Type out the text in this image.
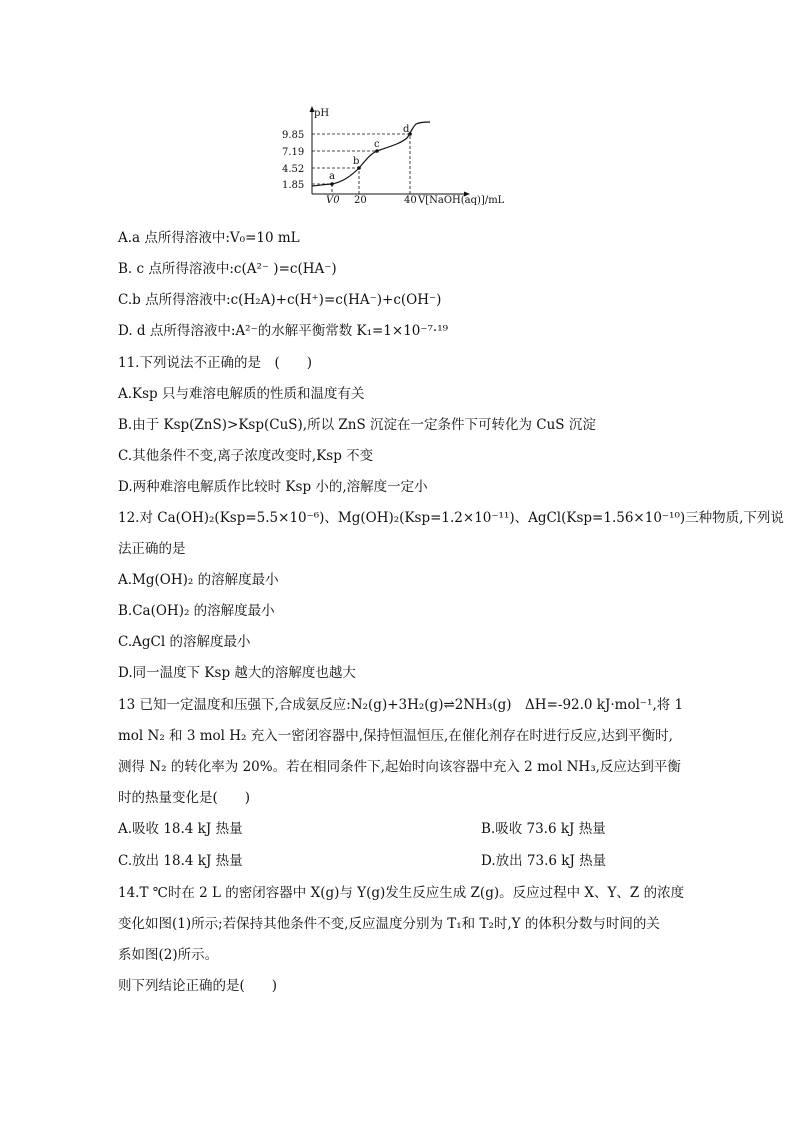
pH
V[NaOH(aq)]/mL
9.85
7.19
4.52
1.85
V0 20	40
a
b
c
d
A.a 点所得溶液中:V₀=10 mL
B. c 点所得溶液中:c(A²⁻ )=c(HA⁻)
C.b 点所得溶液中:c(H₂A)+c(H⁺)=c(HA⁻)+c(OH⁻)
D. d 点所得溶液中:A²⁻的水解平衡常数 K₁=1×10⁻⁷·¹⁹
11.下列说法不正确的是　(　　)
A.Ksp 只与难溶电解质的性质和温度有关
B.由于 Ksp(ZnS)>Ksp(CuS),所以 ZnS 沉淀在一定条件下可转化为 CuS 沉淀
C.其他条件不变,离子浓度改变时,Ksp 不变
D.两种难溶电解质作比较时 Ksp 小的,溶解度一定小
12.对 Ca(OH)₂(Ksp=5.5×10⁻⁶)、Mg(OH)₂(Ksp=1.2×10⁻¹¹)、AgCl(Ksp=1.56×10⁻¹⁰)三种物质,下列说
法正确的是
A.Mg(OH)₂ 的溶解度最小
B.Ca(OH)₂ 的溶解度最小
C.AgCl 的溶解度最小
D.同一温度下 Ksp 越大的溶解度也越大
13 已知一定温度和压强下,合成氨反应:N₂(g)+3H₂(g)⇌2NH₃(g)　ΔH=-92.0 kJ·mol⁻¹,将 1
mol N₂ 和 3 mol H₂ 充入一密闭容器中,保持恒温恒压,在催化剂存在时进行反应,达到平衡时,
测得 N₂ 的转化率为 20%。若在相同条件下,起始时向该容器中充入 2 mol NH₃,反应达到平衡
时的热量变化是(　　)
A.吸收 18.4 kJ 热量	B.吸收 73.6 kJ 热量
C.放出 18.4 kJ 热量	D.放出 73.6 kJ 热量
14.T ℃时在 2 L 的密闭容器中 X(g)与 Y(g)发生反应生成 Z(g)。反应过程中 X、Y、Z 的浓度
变化如图(1)所示;若保持其他条件不变,反应温度分别为 T₁和 T₂时,Y 的体积分数与时间的关
系如图(2)所示。
则下列结论正确的是(　　)
